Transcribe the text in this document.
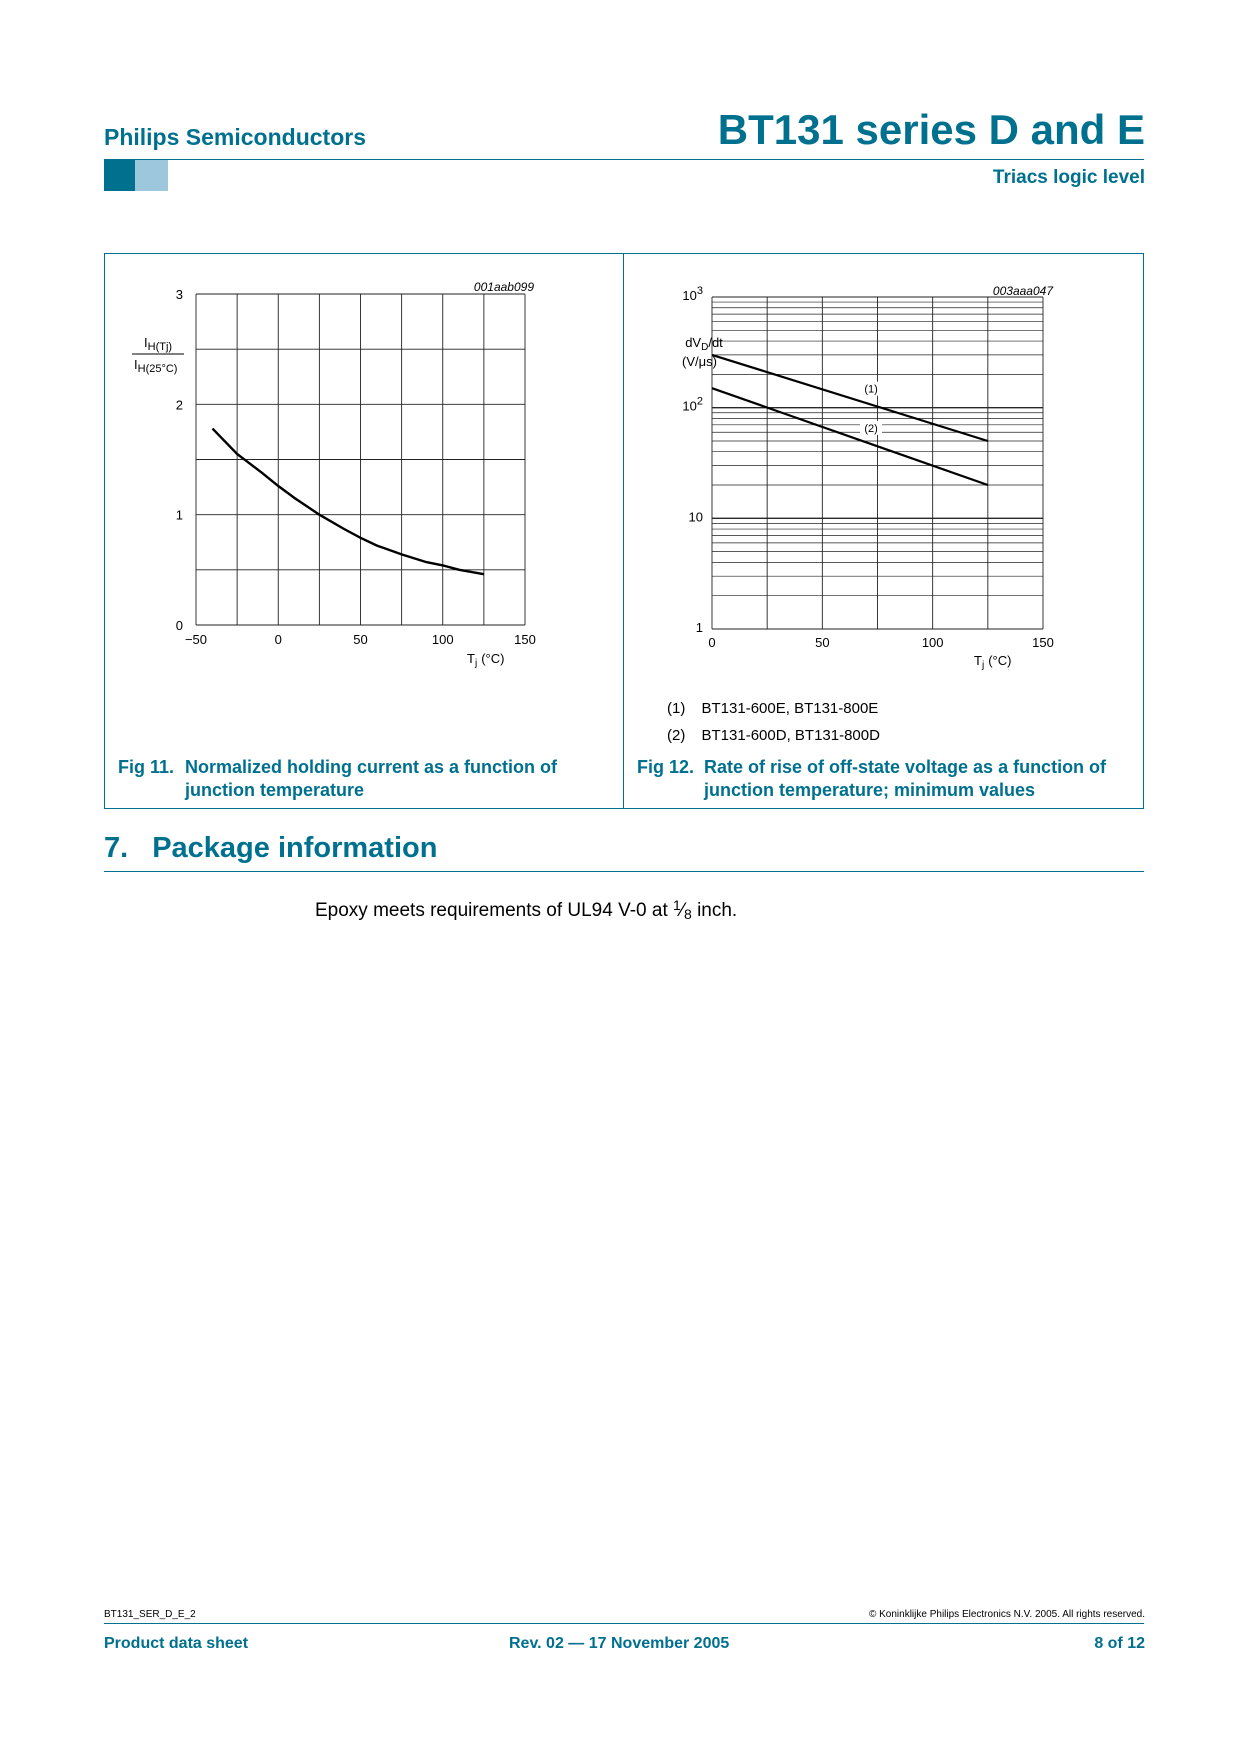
Philips Semiconductors	BT131 series D and E
Triacs logic level
−50	0	50	100	150
0
1
2
3	001aab099
$I_{H(Tj)}$
$I_{H(25^\circ C)}$
$T_j$ (°C)
(1)
(2)
0	50	100	150
1
10
$10^2$
$10^3$	003aaa047
$dV_D/dt$
(V/μs)
$T_j$ (°C)
(1) BT131-600E, BT131-800E
(2) BT131-600D, BT131-800D
Fig 11. Normalized holding current as a function of
junction temperature
Fig 12. Rate of rise of off-state voltage as a function of
junction temperature; minimum values
7. Package information
Epoxy meets requirements of UL94 V-0 at $^1$⁄8 inch.
BT131_SER_D_E_2	© Koninklijke Philips Electronics N.V. 2005. All rights reserved.
Product data sheet	Rev. 02 — 17 November 2005	8 of 12
